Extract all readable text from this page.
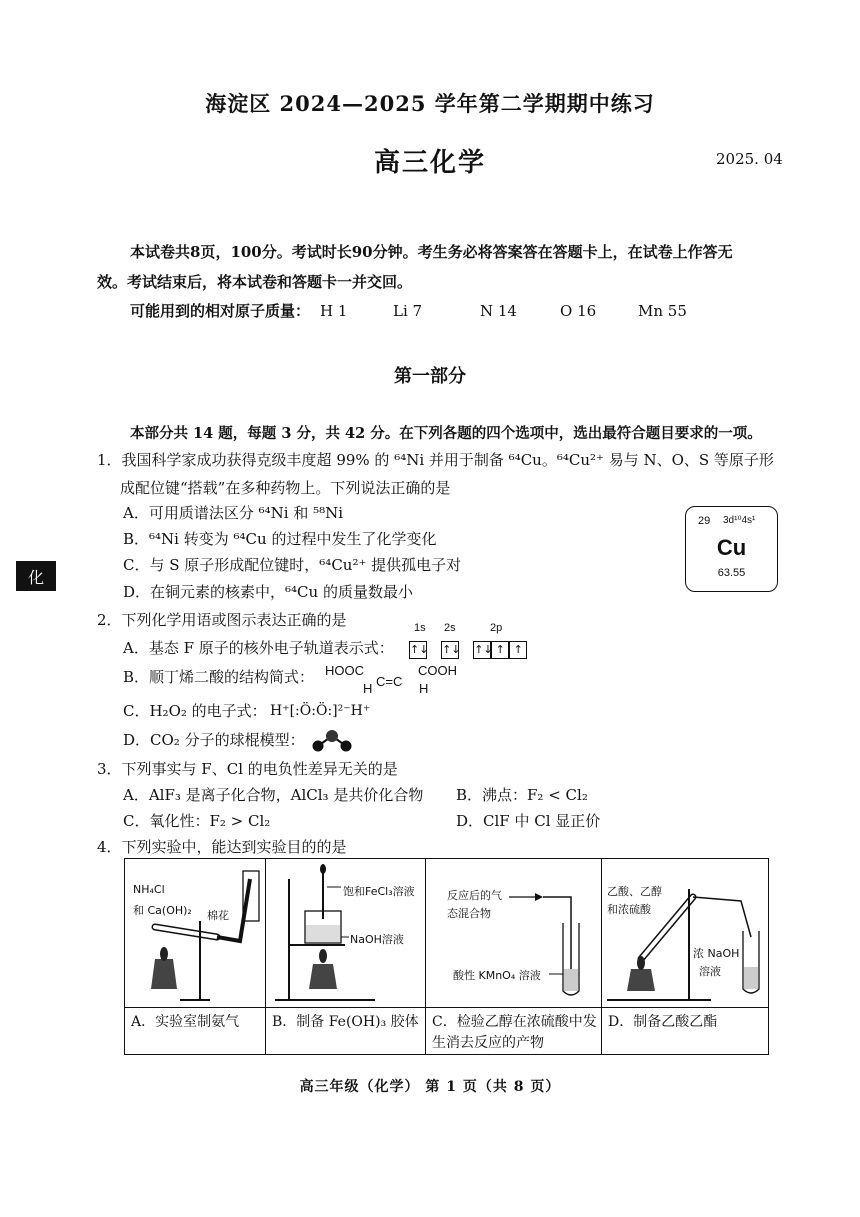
海淀区 2024—2025 学年第二学期期中练习
高三化学	2025. 04
本试卷共8页，100分。考试时长90分钟。考生务必将答案答在答题卡上，在试卷上作答无
效。考试结束后，将本试卷和答题卡一并交回。
可能用到的相对原子质量： H 1	Li 7	N 14	O 16	Mn 55
第一部分
本部分共 14 题，每题 3 分，共 42 分。在下列各题的四个选项中，选出最符合题目要求的一项。
化
1．我国科学家成功获得克级丰度超 99% 的 ⁶⁴Ni 并用于制备 ⁶⁴Cu。⁶⁴Cu²⁺ 易与 N、O、S 等原子形
成配位键“搭载”在多种药物上。下列说法正确的是
A．可用质谱法区分 ⁶⁴Ni 和 ⁵⁸Ni
B．⁶⁴Ni 转变为 ⁶⁴Cu 的过程中发生了化学变化
C．与 S 原子形成配位键时，⁶⁴Cu²⁺ 提供孤电子对
D．在铜元素的核素中，⁶⁴Cu 的质量数最小
29 3d¹⁰4s¹
Cu
63.55
2．下列化学用语或图示表达正确的是
A．基态 F 原子的核外电子轨道表示式：
1s 2s	2p
↑↓ ↑↓ ↑↓ ↑ ↑
B．顺丁烯二酸的结构简式： HOOC	COOH
H C=C H
C．H₂O₂ 的电子式： H⁺[:Ö:Ö:]²⁻H⁺
D．CO₂ 分子的球棍模型：
3．下列事实与 F、Cl 的电负性差异无关的是
A．AlF₃ 是离子化合物，AlCl₃ 是共价化合物 B．沸点：F₂ < Cl₂
C．氧化性：F₂ > Cl₂	D．ClF 中 Cl 显正价
4．下列实验中，能达到实验目的的是
NH₄Cl
和 Ca(OH)₂ 棉花
饱和FeCl₃溶液
NaOH溶液
反应后的气
态混合物
酸性 KMnO₄ 溶液
乙酸、乙醇
和浓硫酸
浓 NaOH
溶液
A．实验室制氨气	B．制备 Fe(OH)₃ 胶体 C．检验乙醇在浓硫酸中发生消去反应的产物
D．制备乙酸乙酯
高三年级（化学） 第 1 页（共 8 页）
